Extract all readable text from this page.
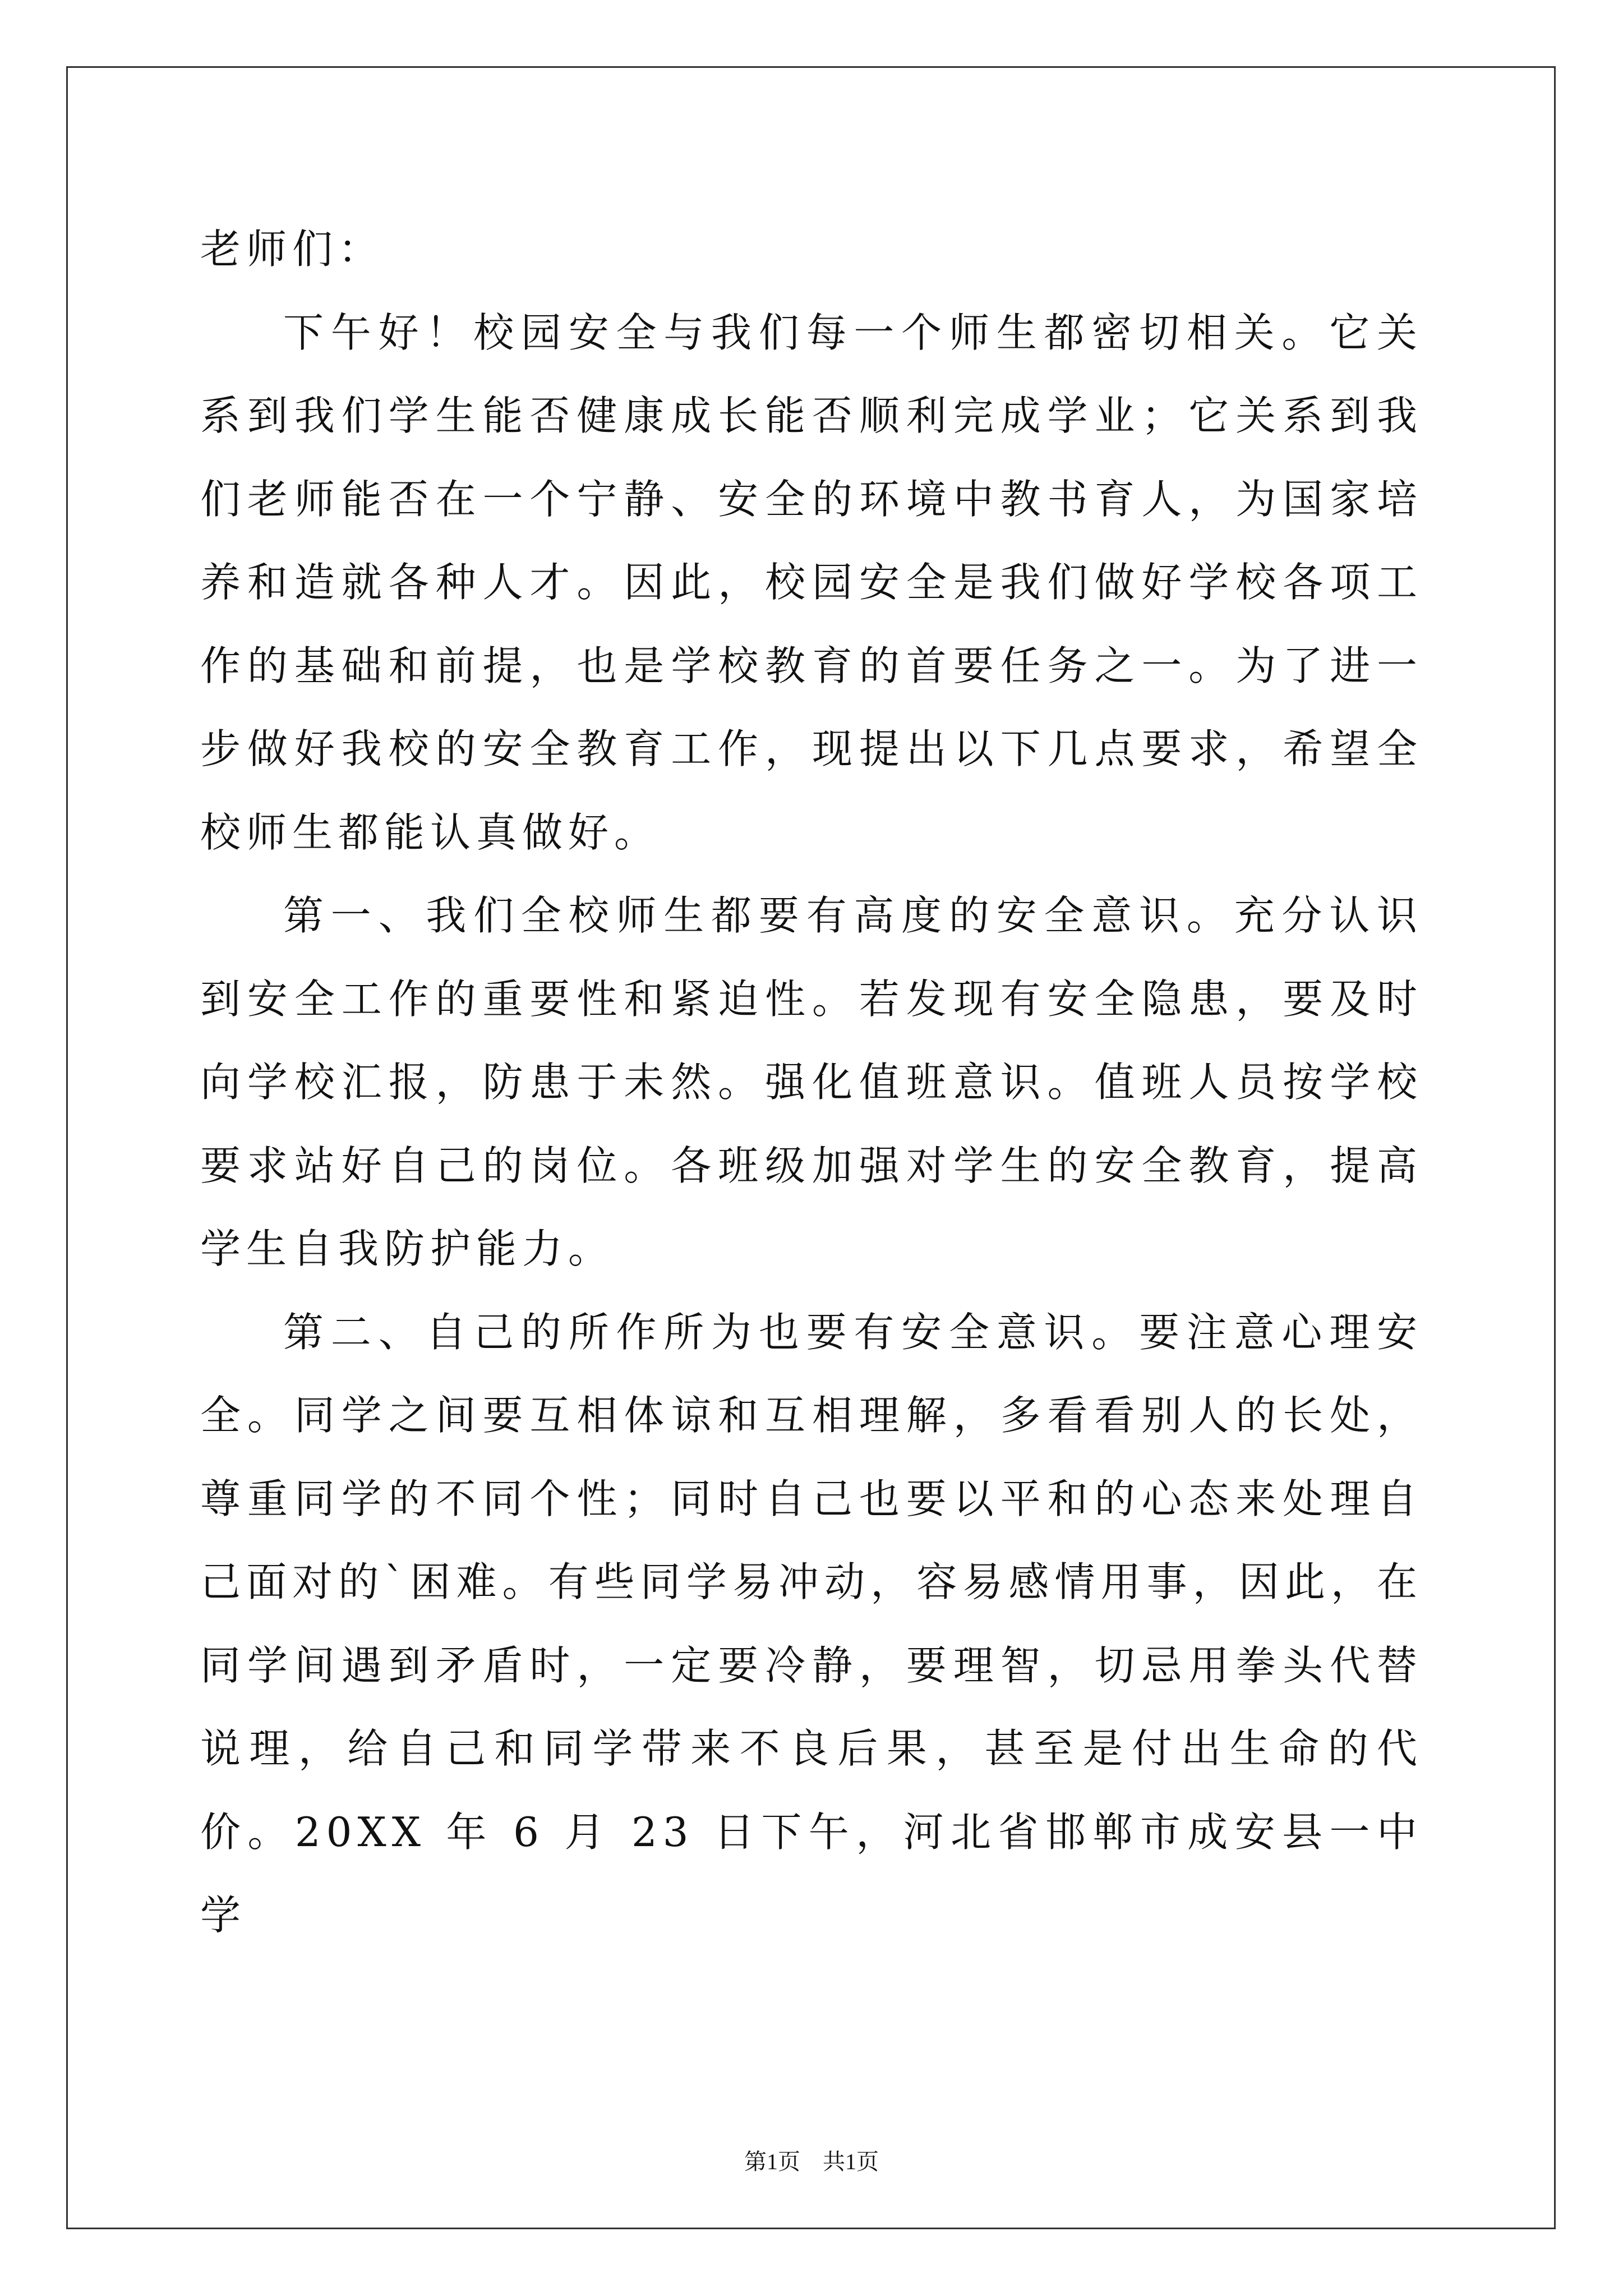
老师们：

下午好！校园安全与我们每一个师生都密切相关。它关系到我们学生能否健康成长能否顺利完成学业；它关系到我们老师能否在一个宁静、安全的环境中教书育人，为国家培养和造就各种人才。因此，校园安全是我们做好学校各项工作的基础和前提，也是学校教育的首要任务之一。为了进一步做好我校的安全教育工作，现提出以下几点要求，希望全校师生都能认真做好。

第一、我们全校师生都要有高度的安全意识。充分认识到安全工作的重要性和紧迫性。若发现有安全隐患，要及时向学校汇报，防患于未然。强化值班意识。值班人员按学校要求站好自己的岗位。各班级加强对学生的安全教育，提高学生自我防护能力。

第二、自己的所作所为也要有安全意识。要注意心理安全。同学之间要互相体谅和互相理解，多看看别人的长处，尊重同学的不同个性；同时自己也要以平和的心态来处理自己面对的`困难。有些同学易冲动，容易感情用事，因此，在同学间遇到矛盾时，一定要冷静，要理智，切忌用拳头代替说理，给自己和同学带来不良后果，甚至是付出生命的代价。20XX 年 6 月 23 日下午，河北省邯郸市成安县一中学

第1页　共1页
